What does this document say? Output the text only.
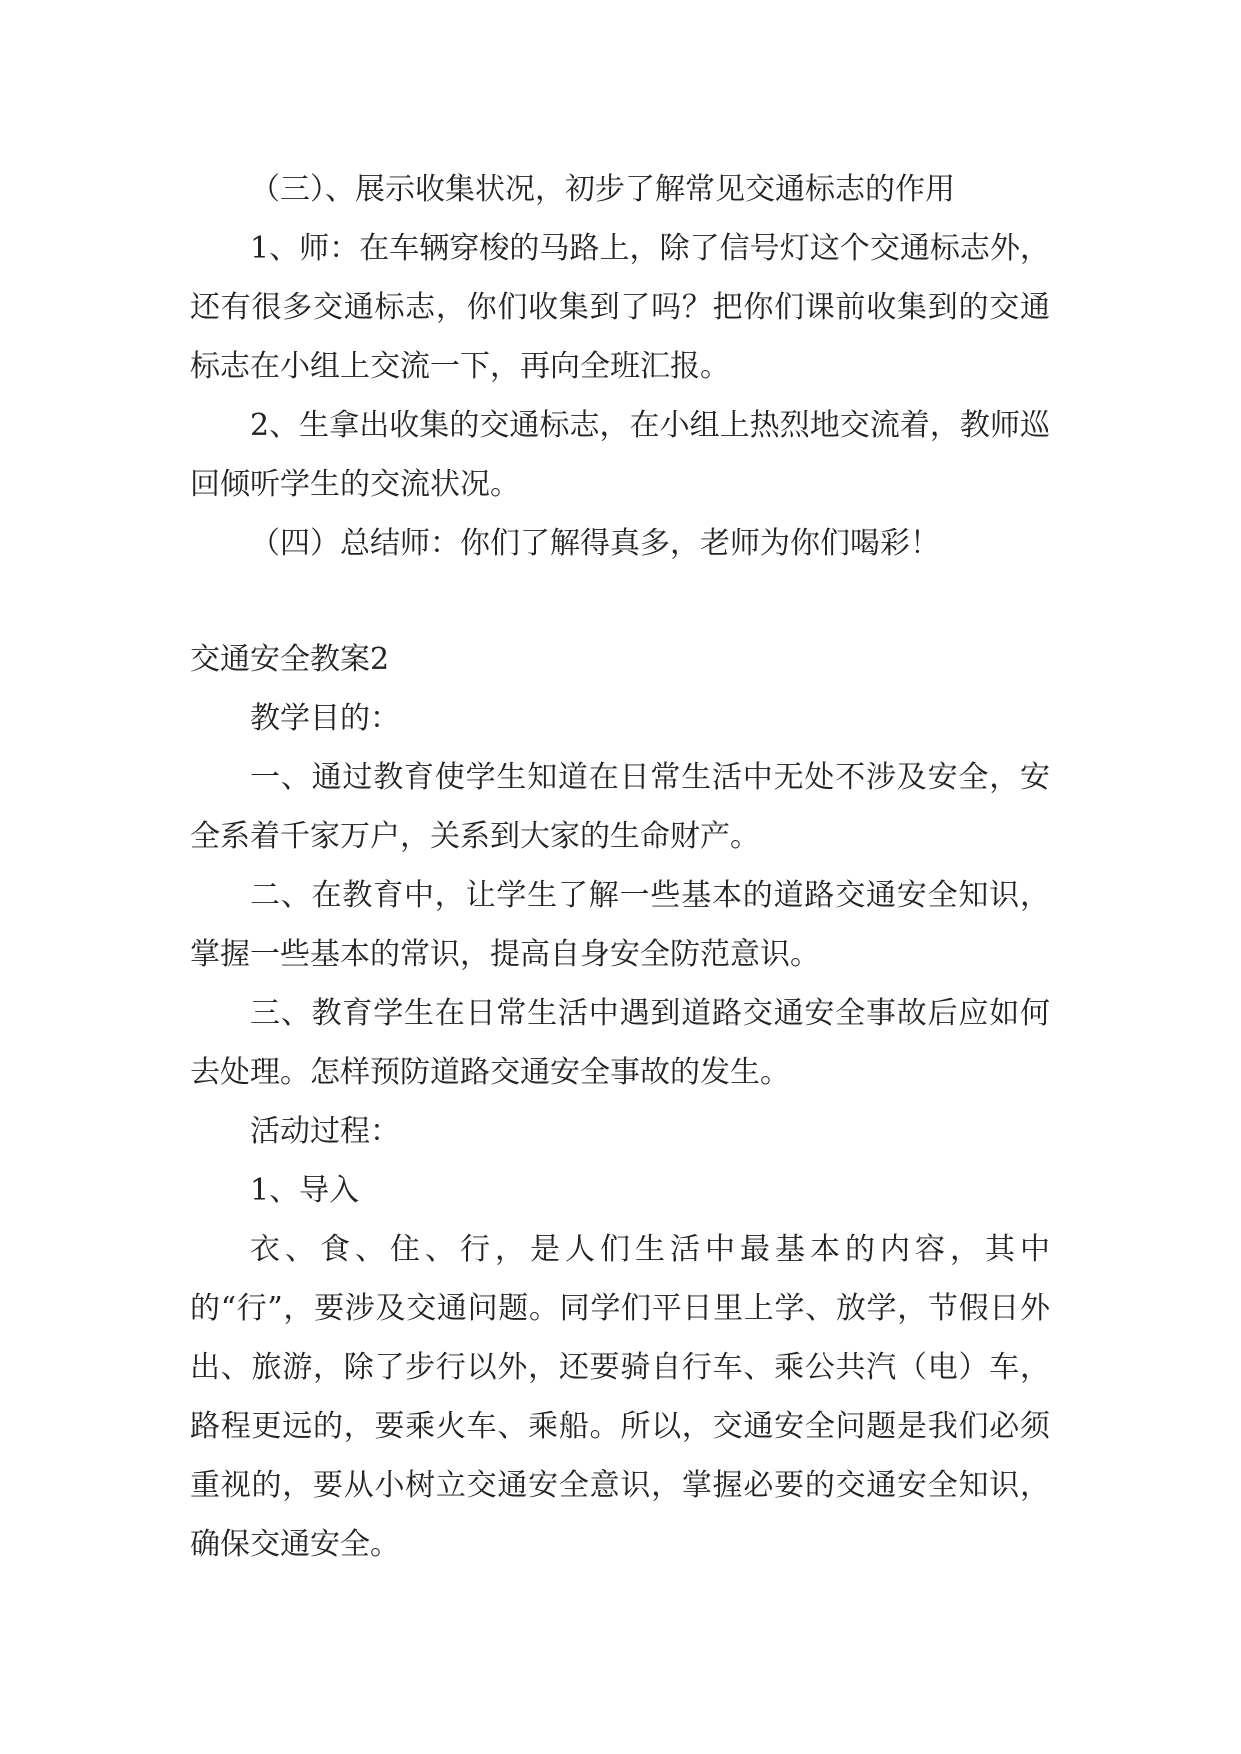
（三）、展示收集状况，初步了解常见交通标志的作用

1、师：在车辆穿梭的马路上，除了信号灯这个交通标志外，还有很多交通标志，你们收集到了吗？把你们课前收集到的交通标志在小组上交流一下，再向全班汇报。

2、生拿出收集的交通标志，在小组上热烈地交流着，教师巡回倾听学生的交流状况。

（四）总结师：你们了解得真多，老师为你们喝彩！

交通安全教案2

教学目的：

一、通过教育使学生知道在日常生活中无处不涉及安全，安全系着千家万户，关系到大家的生命财产。

二、在教育中，让学生了解一些基本的道路交通安全知识，掌握一些基本的常识，提高自身安全防范意识。

三、教育学生在日常生活中遇到道路交通安全事故后应如何去处理。怎样预防道路交通安全事故的发生。

活动过程：

1、导入

衣、食、住、行，是人们生活中最基本的内容，其中的“行”，要涉及交通问题。同学们平日里上学、放学，节假日外出、旅游，除了步行以外，还要骑自行车、乘公共汽（电）车，路程更远的，要乘火车、乘船。所以，交通安全问题是我们必须重视的，要从小树立交通安全意识，掌握必要的交通安全知识，确保交通安全。
